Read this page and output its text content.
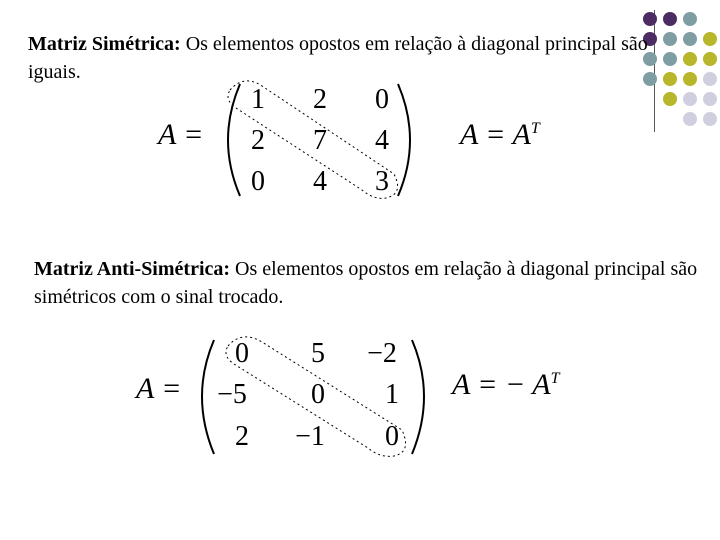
Matriz Simétrica: Os elementos opostos em relação à diagonal principal são iguais.
A =
1	2	0
2	7	4
0	4	3
$A = A^T$
Matriz Anti-Simétrica: Os elementos opostos em relação à diagonal principal são simétricos com o sinal trocado.
A =
0	5	−2
−5	0	1
2	−1	0
A = − $A^T$
